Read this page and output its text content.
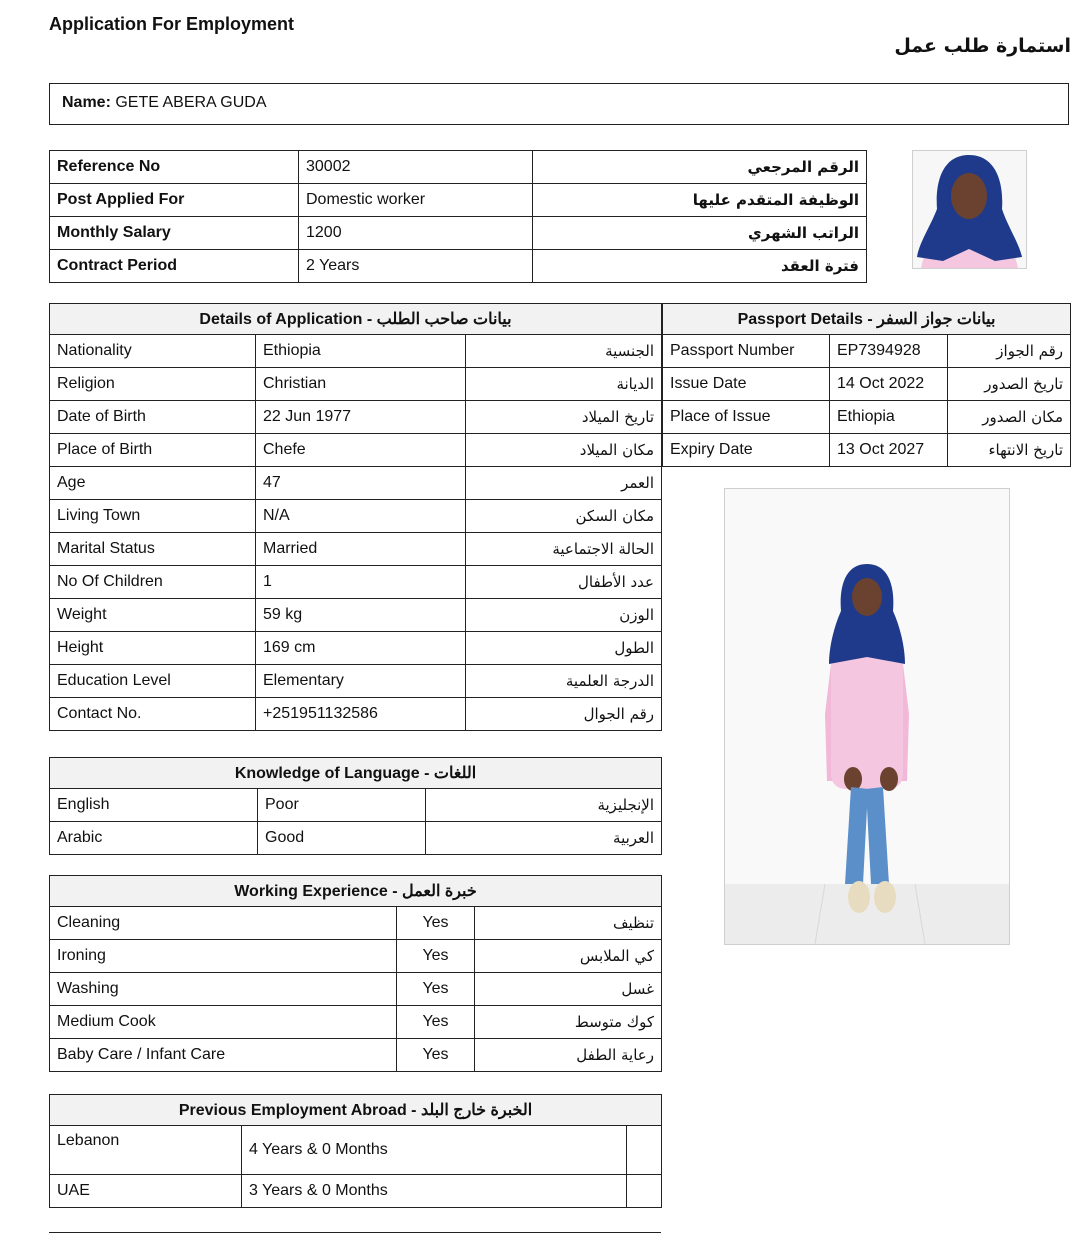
Application For Employment
استمارة طلب عمل
Name: GETE ABERA GUDA
Reference No	30002	الرقم المرجعي
Post Applied For	Domestic worker	الوظيفة المتقدم عليها
Monthly Salary	1200	الراتب الشهري
Contract Period	2 Years	فترة العقد
Details of Application - بيانات صاحب الطلب		
Nationality	Ethiopia	الجنسية
Religion	Christian	الديانة
Date of Birth	22 Jun 1977	تاريخ الميلاد
Place of Birth	Chefe	مكان الميلاد
Age	47	العمر
Living Town	N/A	مكان السكن
Marital Status	Married	الحالة الاجتماعية
No Of Children	1	عدد الأطفال
Weight	59 kg	الوزن
Height	169 cm	الطول
Education Level	Elementary	الدرجة العلمية
Contact No.	+251951132586	رقم الجوال
Passport Details - بيانات جواز السفر		
Passport Number	EP7394928	رقم الجواز
Issue Date	14 Oct 2022	تاريخ الصدور
Place of Issue	Ethiopia	مكان الصدور
Expiry Date	13 Oct 2027	تاريخ الانتهاء
Knowledge of Language - اللغات		
English	Poor	الإنجليزية
Arabic	Good	العربية
Working Experience - خبرة العمل		
Cleaning	Yes	تنظيف
Ironing	Yes	كي الملابس
Washing	Yes	غسل
Medium Cook	Yes	كوك متوسط
Baby Care / Infant Care	Yes	رعاية الطفل
Previous Employment Abroad - الخبرة خارج البلد		
Lebanon	4 Years & 0 Months	
UAE	3 Years & 0 Months	
